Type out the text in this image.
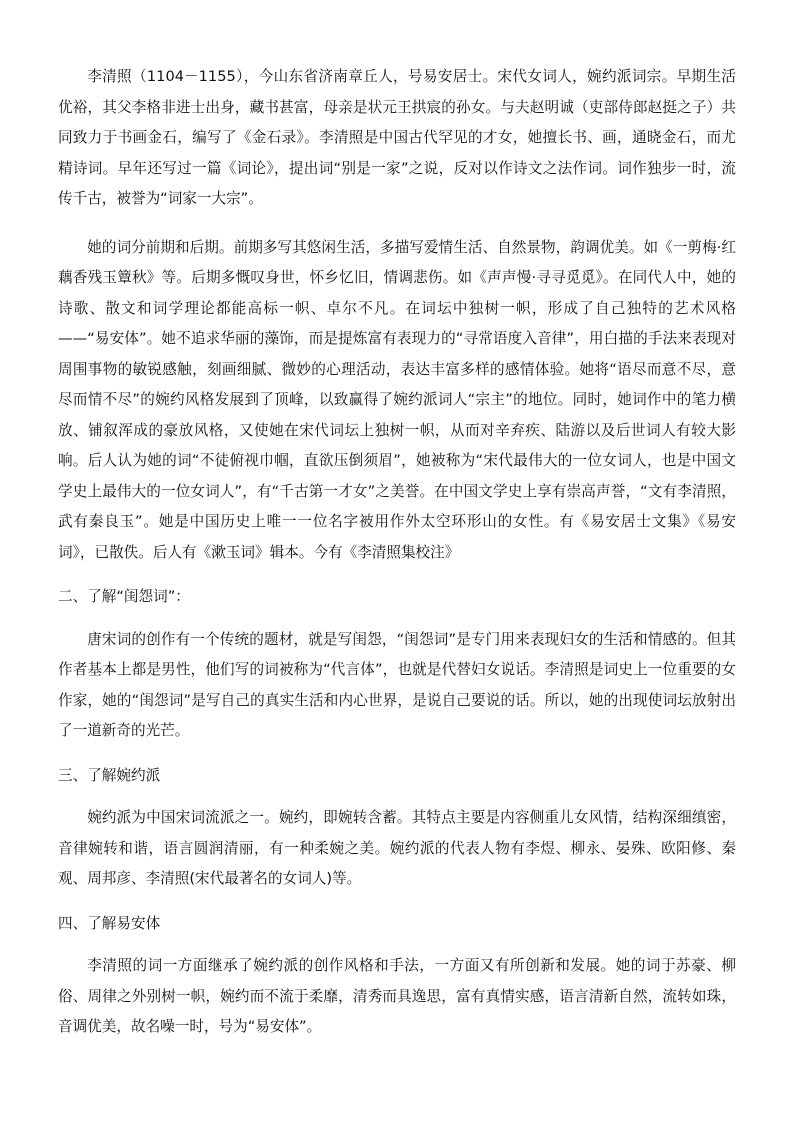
李清照（1104－1155），今山东省济南章丘人，号易安居士。宋代女词人，婉约派词宗。早期生活优裕，其父李格非进士出身，藏书甚富，母亲是状元王拱宸的孙女。与夫赵明诚（吏部侍郎赵挺之子）共同致力于书画金石，编写了《金石录》。李清照是中国古代罕见的才女，她擅长书、画，通晓金石，而尤精诗词。早年还写过一篇《词论》，提出词“别是一家”之说，反对以作诗文之法作词。词作独步一时，流传千古，被誉为“词家一大宗”。

她的词分前期和后期。前期多写其悠闲生活，多描写爱情生活、自然景物，韵调优美。如《一剪梅·红藕香残玉簟秋》等。后期多慨叹身世，怀乡忆旧，情调悲伤。如《声声慢·寻寻觅觅》。在同代人中，她的诗歌、散文和词学理论都能高标一帜、卓尔不凡。在词坛中独树一帜，形成了自己独特的艺术风格——“易安体”。她不追求华丽的藻饰，而是提炼富有表现力的“寻常语度入音律”，用白描的手法来表现对周围事物的敏锐感触，刻画细腻、微妙的心理活动，表达丰富多样的感情体验。她将“语尽而意不尽，意尽而情不尽”的婉约风格发展到了顶峰，以致赢得了婉约派词人“宗主”的地位。同时，她词作中的笔力横放、铺叙浑成的豪放风格，又使她在宋代词坛上独树一帜，从而对辛弃疾、陆游以及后世词人有较大影响。后人认为她的词“不徒俯视巾帼，直欲压倒须眉”，她被称为“宋代最伟大的一位女词人，也是中国文学史上最伟大的一位女词人”，有“千古第一才女”之美誉。在中国文学史上享有崇高声誉，“文有李清照，武有秦良玉”。她是中国历史上唯一一位名字被用作外太空环形山的女性。有《易安居士文集》《易安词》，已散佚。后人有《漱玉词》辑本。今有《李清照集校注》

二、了解“闺怨词”：

唐宋词的创作有一个传统的题材，就是写闺怨，“闺怨词”是专门用来表现妇女的生活和情感的。但其作者基本上都是男性，他们写的词被称为“代言体”，也就是代替妇女说话。李清照是词史上一位重要的女作家，她的“闺怨词”是写自己的真实生活和内心世界，是说自己要说的话。所以，她的出现使词坛放射出了一道新奇的光芒。

三、了解婉约派

婉约派为中国宋词流派之一。婉约，即婉转含蓄。其特点主要是内容侧重儿女风情，结构深细缜密，音律婉转和谐，语言圆润清丽，有一种柔婉之美。婉约派的代表人物有李煜、柳永、晏殊、欧阳修、秦观、周邦彦、李清照(宋代最著名的女词人)等。

四、了解易安体

李清照的词一方面继承了婉约派的创作风格和手法，一方面又有所创新和发展。她的词于苏豪、柳俗、周律之外别树一帜，婉约而不流于柔靡，清秀而具逸思，富有真情实感，语言清新自然，流转如珠，音调优美，故名噪一时，号为“易安体”。
